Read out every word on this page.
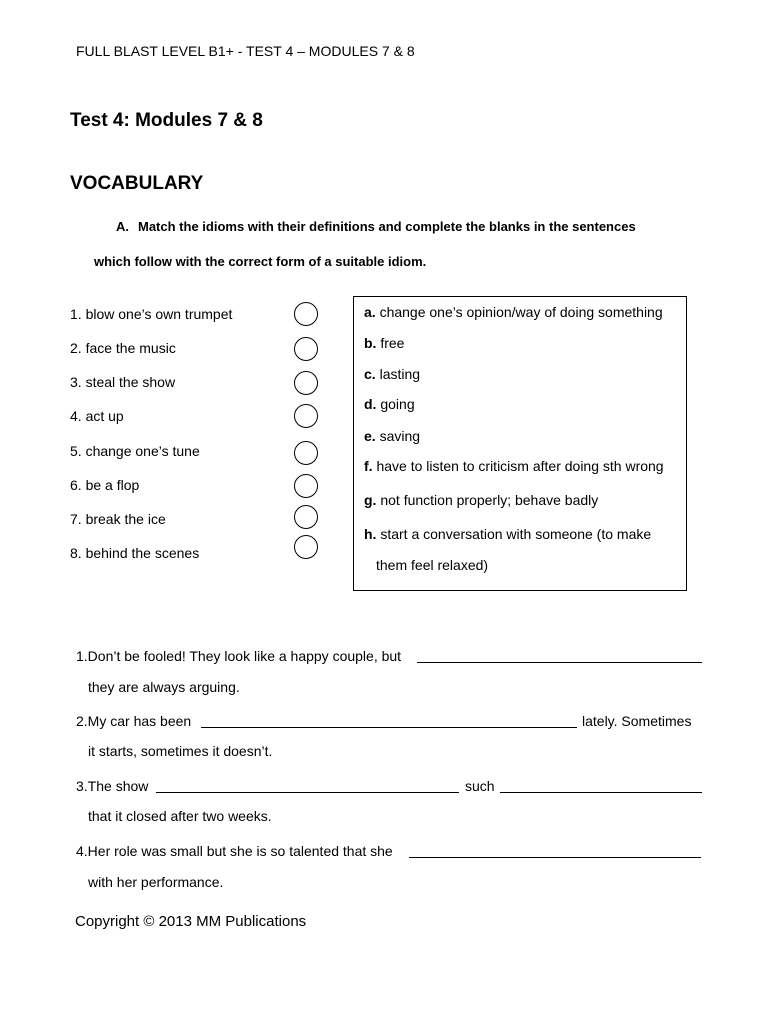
FULL BLAST LEVEL B1+ - TEST 4 – MODULES 7 & 8
Test 4: Modules 7 & 8
VOCABULARY
A. Match the idioms with their definitions and complete the blanks in the sentences
which follow with the correct form of a suitable idiom.
1. blow one’s own trumpet
2. face the music
3. steal the show
4. act up
5. change one’s tune
6. be a flop
7. break the ice
8. behind the scenes
a. change one’s opinion/way of doing something
b. free
c. lasting
d. going
e. saving
f. have to listen to criticism after doing sth wrong
g. not function properly; behave badly
h. start a conversation with someone (to make
them feel relaxed)
1.Don’t be fooled! They look like a happy couple, but
they are always arguing.
2.My car has been	lately. Sometimes
it starts, sometimes it doesn’t.
3.The show	such
that it closed after two weeks.
4.Her role was small but she is so talented that she
with her performance.
Copyright © 2013 MM Publications
